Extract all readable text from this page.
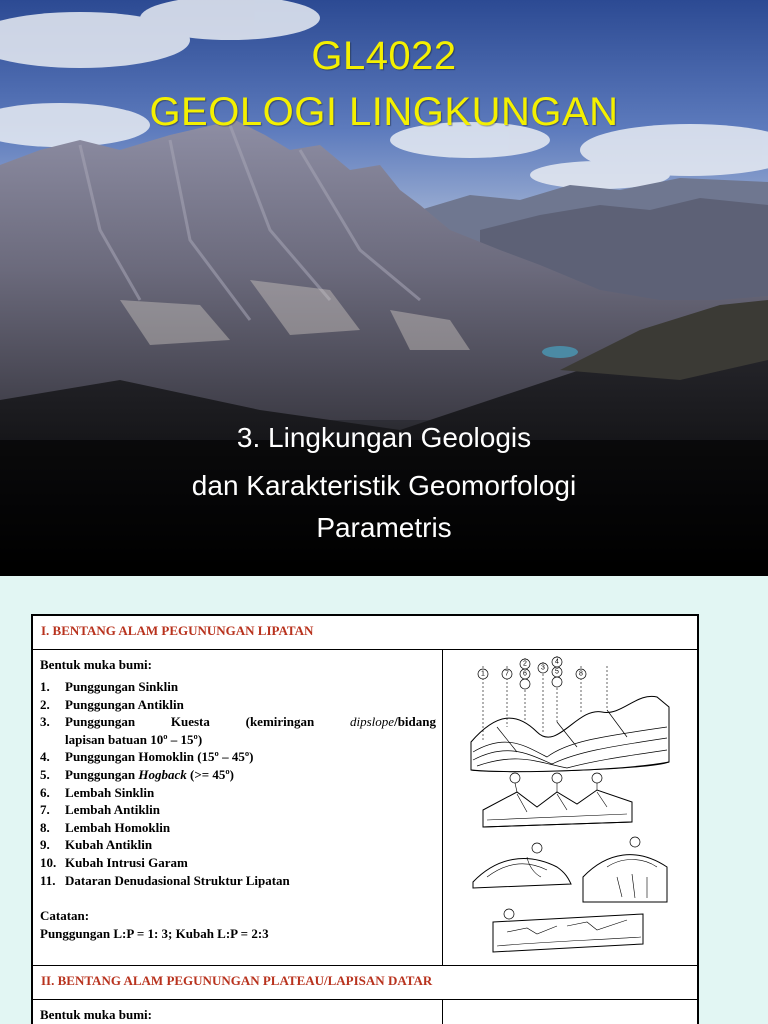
GL4022
GEOLOGI LINGKUNGAN
3. Lingkungan Geologis
dan Karakteristik Geomorfologi
Parametris
I. BENTANG ALAM PEGUNUNGAN LIPATAN
Bentuk muka bumi:
1.	Punggungan Sinklin
2.	Punggungan Antiklin
3.	Punggungan	Kuesta	(kemiringan	dipslope/bidang
lapisan batuan 10º – 15º)
4.	Punggungan Homoklin (15º – 45º)
5.	Punggungan Hogback (>= 45º)
6.	Lembah Sinklin
7.	Lembah Antiklin
8.	Lembah Homoklin
9.	Kubah Antiklin
10. Kubah Intrusi Garam
11. Dataran Denudasional Struktur Lipatan
Catatan:
Punggungan L:P = 1: 3; Kubah L:P = 2:3
1	7
2
6
3
4
5	8
II. BENTANG ALAM PEGUNUNGAN PLATEAU/LAPISAN DATAR
Bentuk muka bumi:
